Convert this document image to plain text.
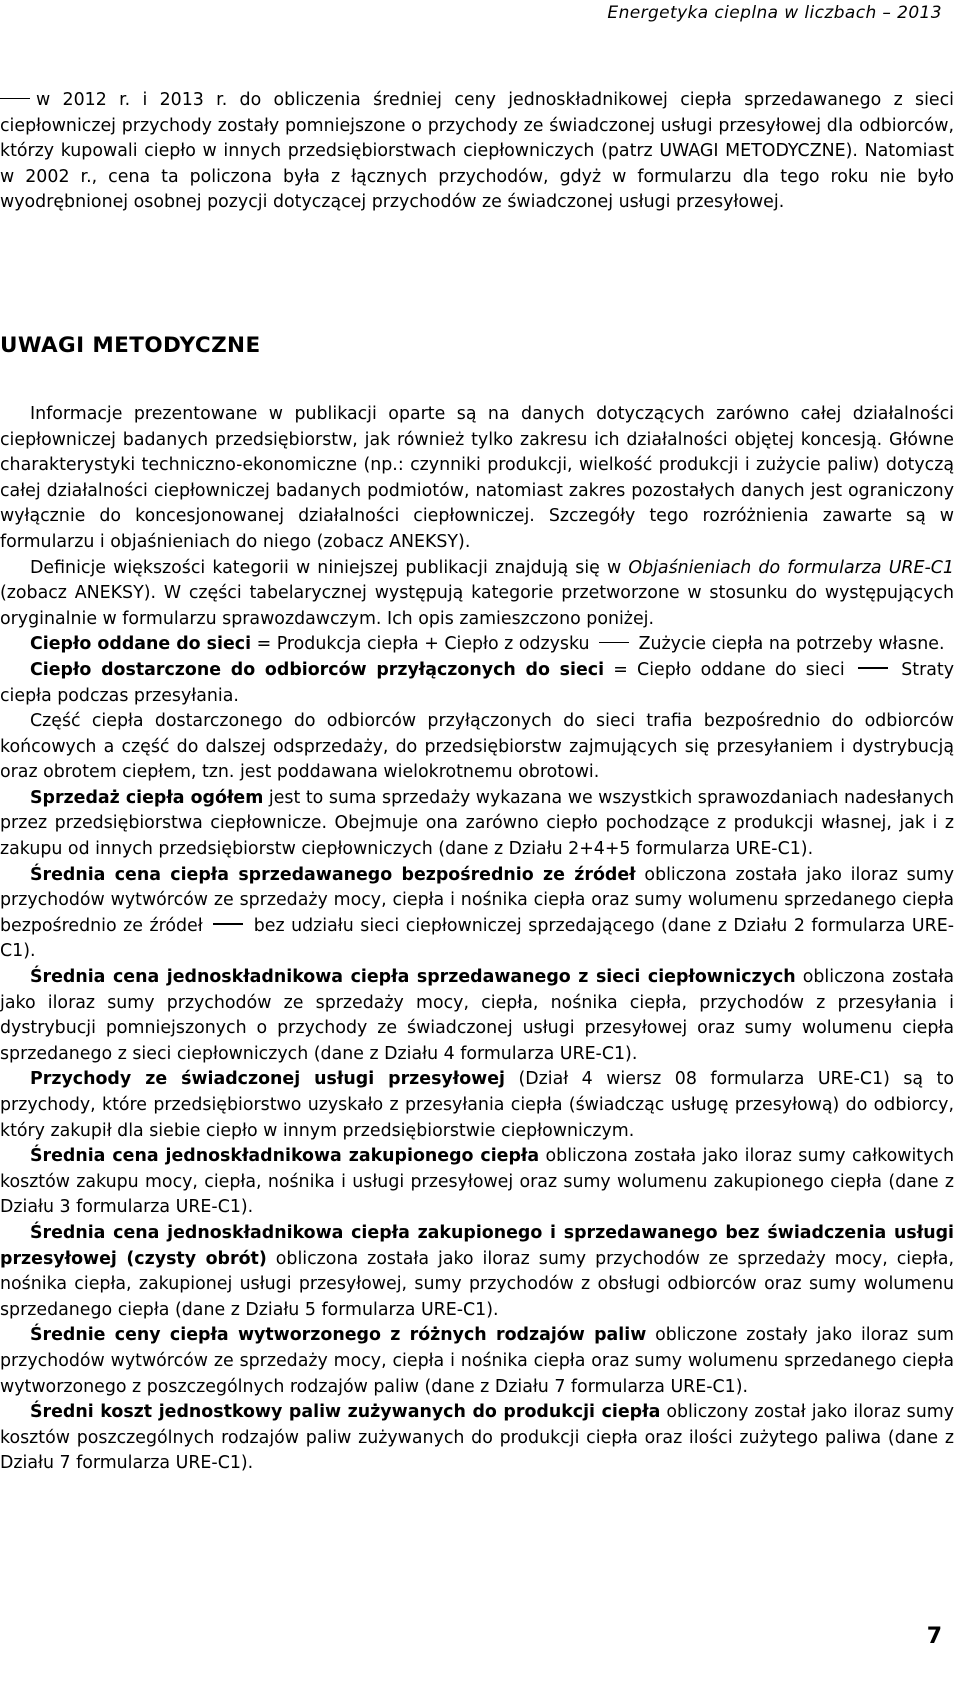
Energetyka cieplna w liczbach – 2013

w 2012 r. i 2013 r. do obliczenia średniej ceny jednoskładnikowej ciepła sprzedawanego z sieci ciepłowniczej przychody zostały pomniejszone o przychody ze świadczonej usługi przesyłowej dla odbiorców, którzy kupowali ciepło w innych przedsiębiorstwach ciepłowniczych (patrz UWAGI METODYCZNE). Natomiast w 2002 r., cena ta policzona była z łącznych przychodów, gdyż w formularzu dla tego roku nie było wyodrębnionej osobnej pozycji dotyczącej przychodów ze świadczonej usługi przesyłowej.

UWAGI METODYCZNE

Informacje prezentowane w publikacji oparte są na danych dotyczących zarówno całej działalności ciepłowniczej badanych przedsiębiorstw, jak również tylko zakresu ich działalności objętej koncesją. Główne charakterystyki techniczno-ekonomiczne (np.: czynniki produkcji, wielkość produkcji i zużycie paliw) dotyczą całej działalności ciepłowniczej badanych podmiotów, natomiast zakres pozostałych danych jest ograniczony wyłącznie do koncesjonowanej działalności ciepłowniczej. Szczegóły tego rozróżnienia zawarte są w formularzu i objaśnieniach do niego (zobacz ANEKSY).

Definicje większości kategorii w niniejszej publikacji znajdują się w Objaśnieniach do formularza URE-C1 (zobacz ANEKSY). W części tabelarycznej występują kategorie przetworzone w stosunku do występujących oryginalnie w formularzu sprawozdawczym. Ich opis zamieszczono poniżej.

Ciepło oddane do sieci = Produkcja ciepła + Ciepło z odzysku  Zużycie ciepła na potrzeby własne.

Ciepło dostarczone do odbiorców przyłączonych do sieci = Ciepło oddane do sieci  Straty ciepła podczas przesyłania.

Część ciepła dostarczonego do odbiorców przyłączonych do sieci trafia bezpośrednio do odbiorców końcowych a część do dalszej odsprzedaży, do przedsiębiorstw zajmujących się przesyłaniem i dystrybucją oraz obrotem ciepłem, tzn. jest poddawana wielokrotnemu obrotowi.

Sprzedaż ciepła ogółem jest to suma sprzedaży wykazana we wszystkich sprawozdaniach nadesłanych przez przedsiębiorstwa ciepłownicze. Obejmuje ona zarówno ciepło pochodzące z produkcji własnej, jak i z zakupu od innych przedsiębiorstw ciepłowniczych (dane z Działu 2+4+5 formularza URE-C1).

Średnia cena ciepła sprzedawanego bezpośrednio ze źródeł obliczona została jako iloraz sumy przychodów wytwórców ze sprzedaży mocy, ciepła i nośnika ciepła oraz sumy wolumenu sprzedanego ciepła bezpośrednio ze źródeł  bez udziału sieci ciepłowniczej sprzedającego (dane z Działu 2 formularza URE-C1).

Średnia cena jednoskładnikowa ciepła sprzedawanego z sieci ciepłowniczych obliczona została jako iloraz sumy przychodów ze sprzedaży mocy, ciepła, nośnika ciepła, przychodów z przesyłania i dystrybucji pomniejszonych o przychody ze świadczonej usługi przesyłowej oraz sumy wolumenu ciepła sprzedanego z sieci ciepłowniczych (dane z Działu 4 formularza URE-C1).

Przychody ze świadczonej usługi przesyłowej (Dział 4 wiersz 08 formularza URE-C1) są to przychody, które przedsiębiorstwo uzyskało z przesyłania ciepła (świadcząc usługę przesyłową) do odbiorcy, który zakupił dla siebie ciepło w innym przedsiębiorstwie ciepłowniczym.

Średnia cena jednoskładnikowa zakupionego ciepła obliczona została jako iloraz sumy całkowitych kosztów zakupu mocy, ciepła, nośnika i usługi przesyłowej oraz sumy wolumenu zakupionego ciepła (dane z Działu 3 formularza URE-C1).

Średnia cena jednoskładnikowa ciepła zakupionego i sprzedawanego bez świadczenia usługi przesyłowej (czysty obrót) obliczona została jako iloraz sumy przychodów ze sprzedaży mocy, ciepła, nośnika ciepła, zakupionej usługi przesyłowej, sumy przychodów z obsługi odbiorców oraz sumy wolumenu sprzedanego ciepła (dane z Działu 5 formularza URE-C1).

Średnie ceny ciepła wytworzonego z różnych rodzajów paliw obliczone zostały jako iloraz sum przychodów wytwórców ze sprzedaży mocy, ciepła i nośnika ciepła oraz sumy wolumenu sprzedanego ciepła wytworzonego z poszczególnych rodzajów paliw (dane z Działu 7 formularza URE-C1).

Średni koszt jednostkowy paliw zużywanych do produkcji ciepła obliczony został jako iloraz sumy kosztów poszczególnych rodzajów paliw zużywanych do produkcji ciepła oraz ilości zużytego paliwa (dane z Działu 7 formularza URE-C1).

7
